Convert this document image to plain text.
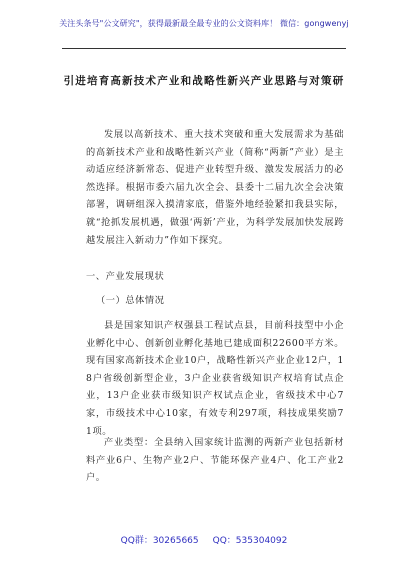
关注头条号"公文研究"，获得最新最全最专业的公文资料库！ 微信：gongwenyj
引进培育高新技术产业和战略性新兴产业思路与对策研

发展以高新技术、重大技术突破和重大发展需求为基础的高新技术产业和战略性新兴产业（简称“两新”产业）是主动适应经济新常态、促进产业转型升级、激发发展活力的必然选择。根据市委六届九次全会、县委十二届九次全会决策部署，调研组深入摸清家底，借鉴外地经验紧扣我县实际，就“抢抓发展机遇，做强‘两新’产业，为科学发展加快发展跨越发展注入新动力”作如下探究。

一、产业发展现状
（一）总体情况

县是国家知识产权强县工程试点县，目前科技型中小企业孵化中心、创新创业孵化基地已建成面积22600平方米。现有国家高新技术企业10户，战略性新兴产业企业12户，18户省级创新型企业，3户企业获省级知识产权培育试点企业，13户企业获市级知识产权试点企业，省级技术中心7家，市级技术中心10家，有效专利297项，科技成果奖励71项。

产业类型：全县纳入国家统计监测的两新产业包括新材料产业6户、生物产业2户、节能环保产业4户、化工产业2户。

QQ群：30265665 QQ：535304092
